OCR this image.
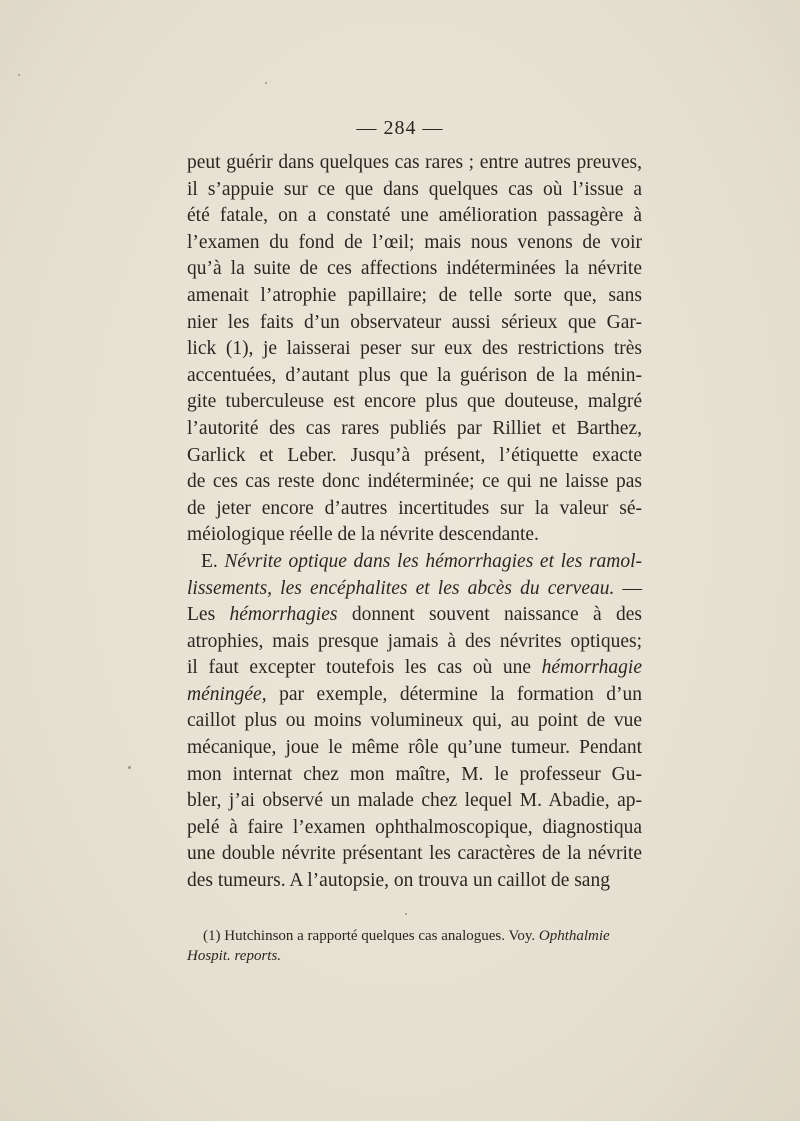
— 284 —
peut guérir dans quelques cas rares ; entre autres preuves,
il s’appuie sur ce que dans quelques cas où l’issue a
été fatale, on a constaté une amélioration passagère à
l’examen du fond de l’œil; mais nous venons de voir
qu’à la suite de ces affections indéterminées la névrite
amenait l’atrophie papillaire; de telle sorte que, sans
nier les faits d’un observateur aussi sérieux que Gar-
lick (1), je laisserai peser sur eux des restrictions très
accentuées, d’autant plus que la guérison de la ménin-
gite tuberculeuse est encore plus que douteuse, malgré
l’autorité des cas rares publiés par Rilliet et Barthez,
Garlick et Leber. Jusqu’à présent, l’étiquette exacte
de ces cas reste donc indéterminée; ce qui ne laisse pas
de jeter encore d’autres incertitudes sur la valeur sé-
méiologique réelle de la névrite descendante.
E. Névrite optique dans les hémorrhagies et les ramol-
lissements, les encéphalites et les abcès du cerveau. —
Les hémorrhagies donnent souvent naissance à des
atrophies, mais presque jamais à des névrites optiques;
il faut excepter toutefois les cas où une hémorrhagie
méningée, par exemple, détermine la formation d’un
caillot plus ou moins volumineux qui, au point de vue
mécanique, joue le même rôle qu’une tumeur. Pendant
mon internat chez mon maître, M. le professeur Gu-
bler, j’ai observé un malade chez lequel M. Abadie, ap-
pelé à faire l’examen ophthalmoscopique, diagnostiqua
une double névrite présentant les caractères de la névrite
des tumeurs. A l’autopsie, on trouva un caillot de sang
(1) Hutchinson a rapporté quelques cas analogues. Voy. Ophthalmie
Hospit. reports.
